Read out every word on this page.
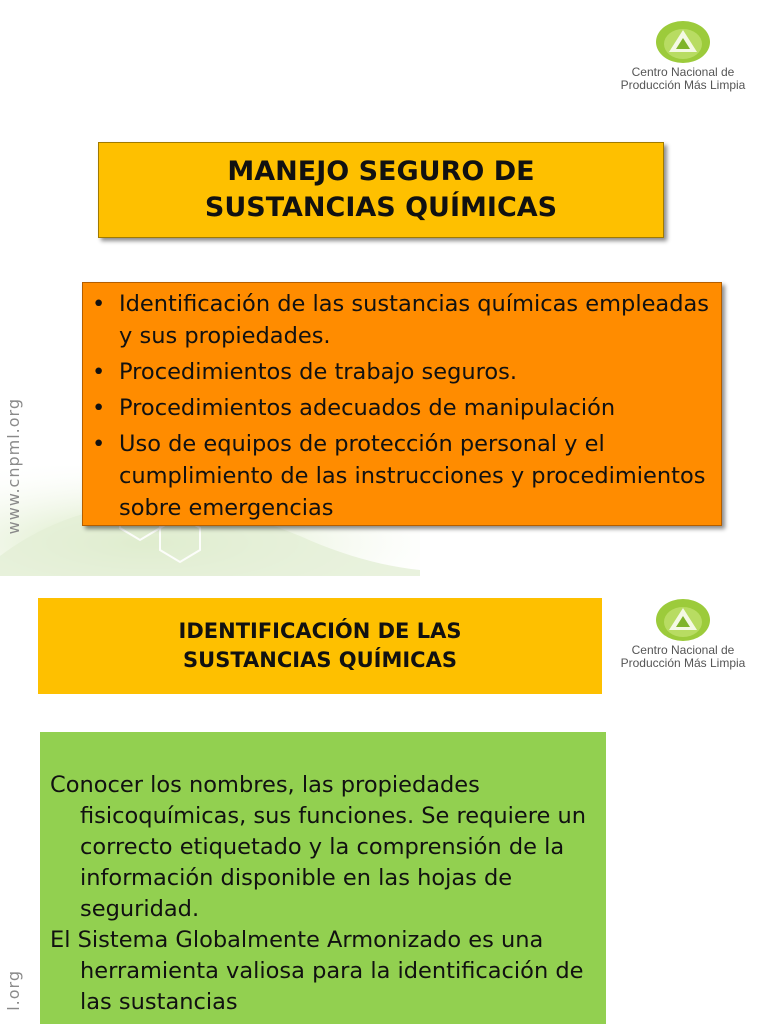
www.cnpml.org
Centro Nacional de
Producción Más Limpia
MANEJO SEGURO DE
SUSTANCIAS QUÍMICAS
• Identificación de las sustancias químicas empleadas y sus propiedades.
• Procedimientos de trabajo seguros.
• Procedimientos adecuados de manipulación
• Uso de equipos de protección personal y el cumplimiento de las instrucciones y procedimientos sobre emergencias
l.org
Centro Nacional de
Producción Más Limpia
IDENTIFICACIÓN DE LAS
SUSTANCIAS QUÍMICAS

Conocer los nombres, las propiedades fisicoquímicas, sus funciones. Se requiere un correcto etiquetado y la comprensión de la información disponible en las hojas de seguridad.

El Sistema Globalmente Armonizado es una herramienta valiosa para la identificación de las sustancias
